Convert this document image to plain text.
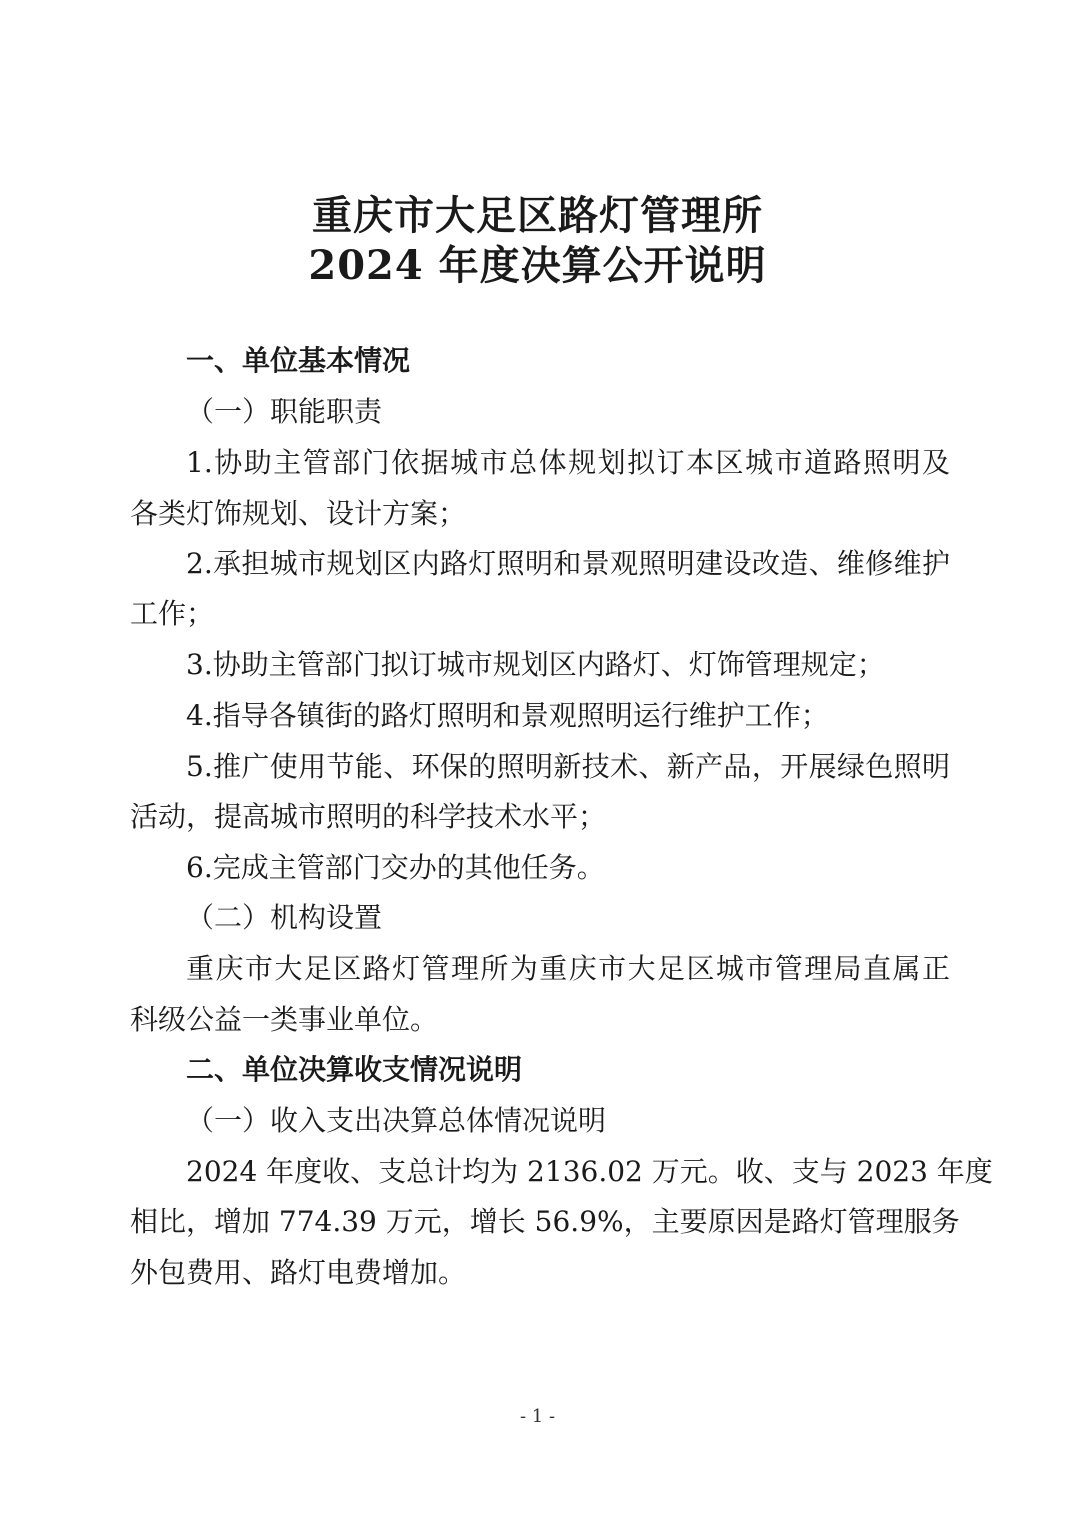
重庆市大足区路灯管理所
2024 年度决算公开说明
一、单位基本情况
（一）职能职责
1.协助主管部门依据城市总体规划拟订本区城市道路照明及
各类灯饰规划、设计方案；
2.承担城市规划区内路灯照明和景观照明建设改造、维修维护
工作；
3.协助主管部门拟订城市规划区内路灯、灯饰管理规定；
4.指导各镇街的路灯照明和景观照明运行维护工作；
5.推广使用节能、环保的照明新技术、新产品，开展绿色照明
活动，提高城市照明的科学技术水平；
6.完成主管部门交办的其他任务。
（二）机构设置
重庆市大足区路灯管理所为重庆市大足区城市管理局直属正
科级公益一类事业单位。
二、单位决算收支情况说明
（一）收入支出决算总体情况说明
2024 年度收、支总计均为 2136.02 万元。收、支与 2023 年度
相比，增加 774.39 万元，增长 56.9%，主要原因是路灯管理服务
外包费用、路灯电费增加。
- 1 -
